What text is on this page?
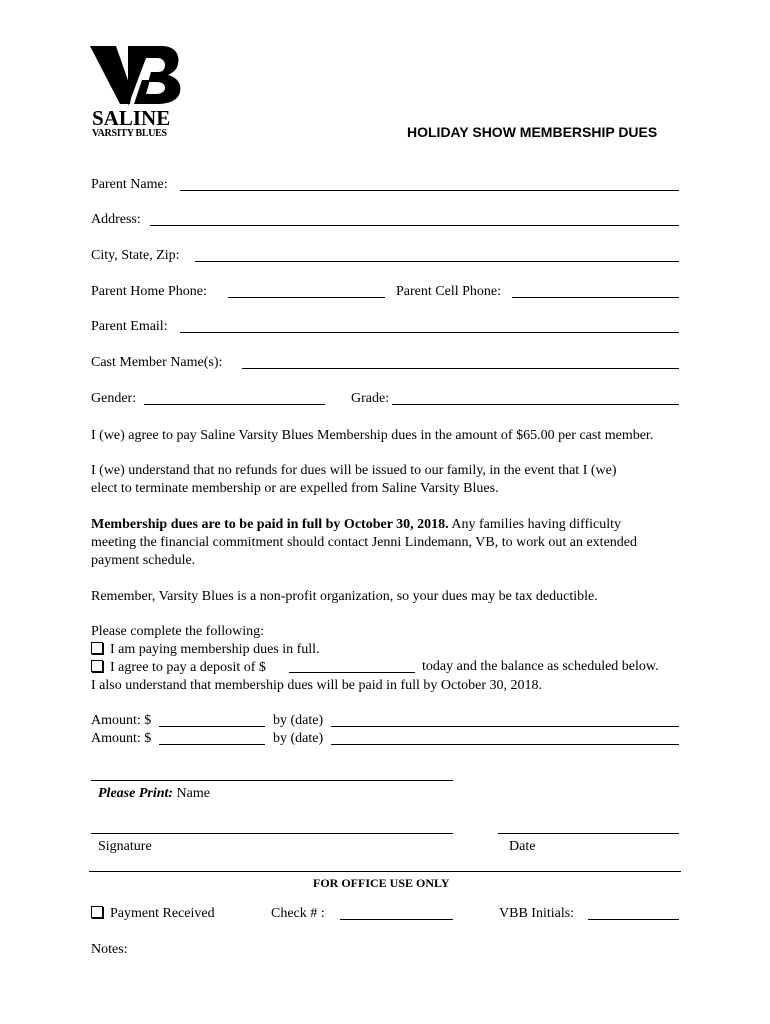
SALINE
VARSITY BLUES	HOLIDAY SHOW MEMBERSHIP DUES
Parent Name:
Address:
City, State, Zip:
Parent Home Phone:	Parent Cell Phone:
Parent Email:
Cast Member Name(s):
Gender:	Grade:
I (we) agree to pay Saline Varsity Blues Membership dues in the amount of $65.00 per cast member.
I (we) understand that no refunds for dues will be issued to our family, in the event that I (we)
elect to terminate membership or are expelled from Saline Varsity Blues.
Membership dues are to be paid in full by October 30, 2018. Any families having difficulty
meeting the financial commitment should contact Jenni Lindemann, VB, to work out an extended
payment schedule.
Remember, Varsity Blues is a non-profit organization, so your dues may be tax deductible.
Please complete the following:
I am paying membership dues in full.
I agree to pay a deposit of $	today and the balance as scheduled below.
I also understand that membership dues will be paid in full by October 30, 2018.
Amount: $	by (date)
Amount: $	by (date)
Please Print: Name
Signature	Date
FOR OFFICE USE ONLY
Payment Received	Check # :	VBB Initials:
Notes:
